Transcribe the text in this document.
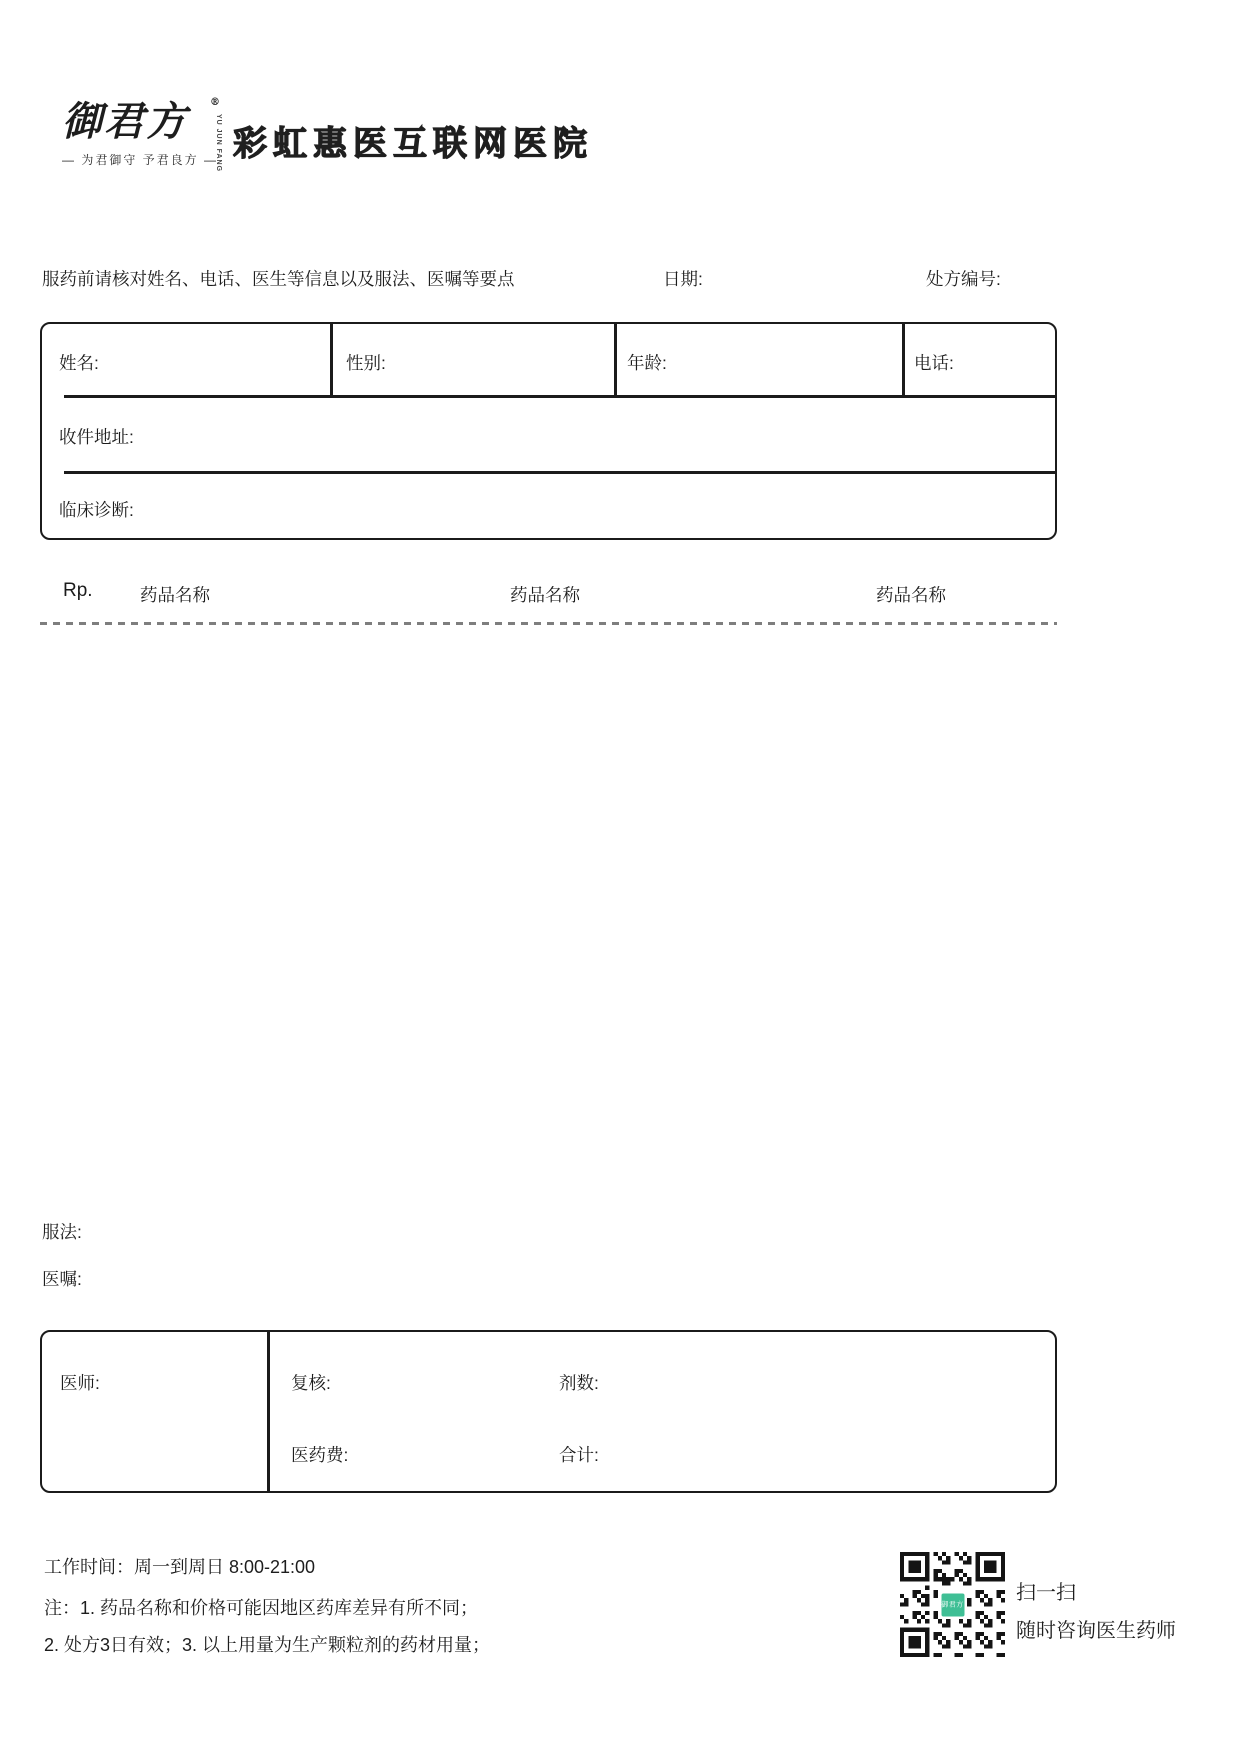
御君方 ®
YU JUN FANG
— 为君御守 予君良方 — 彩虹惠医互联网医院
服药前请核对姓名、电话、医生等信息以及服法、医嘱等要点	日期:	处方编号:
姓名:	性别:	年龄:	电话:
收件地址:
临床诊断:
Rp.	药品名称	药品名称	药品名称
服法:
医嘱:
医师:	复核:	剂数:
医药费:	合计:
工作时间：周一到周日 8:00-21:00
注：1. 药品名称和价格可能因地区药库差异有所不同；
2. 处方3日有效；3. 以上用量为生产颗粒剂的药材用量；
御君方
扫一扫
随时咨询医生药师
